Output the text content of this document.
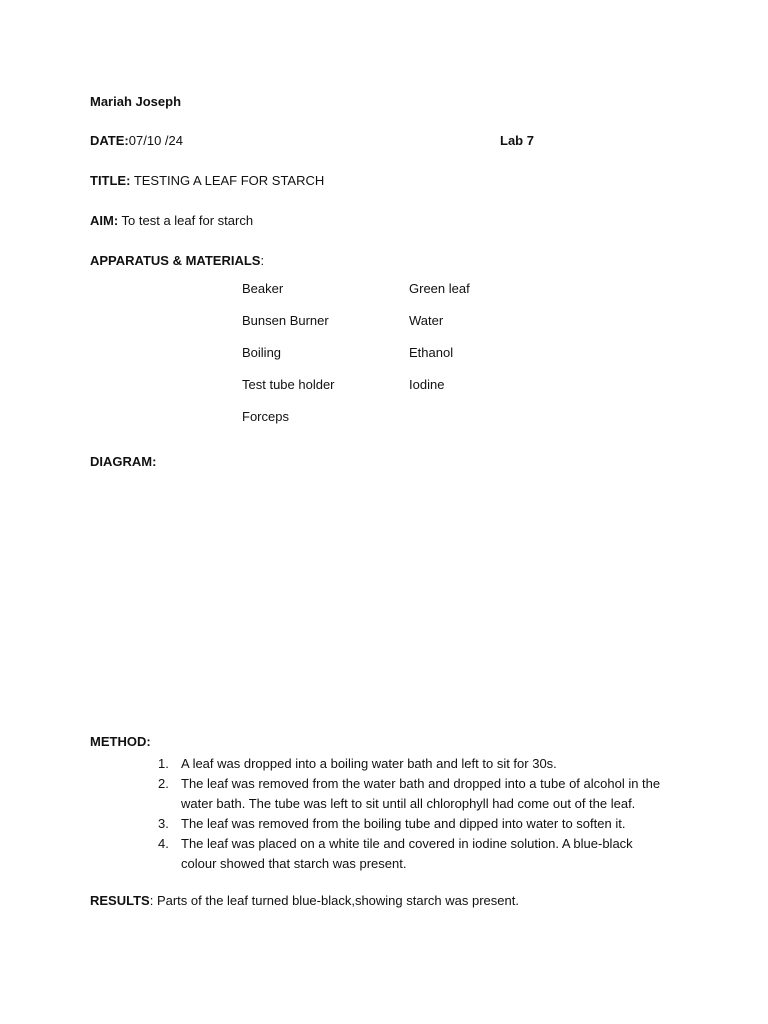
Mariah Joseph
DATE:07/10 /24	Lab 7
TITLE: TESTING A LEAF FOR STARCH
AIM: To test a leaf for starch
APPARATUS & MATERIALS:
Beaker
Bunsen Burner
Boiling
Test tube holder
Forceps
Green leaf
Water
Ethanol
Iodine
DIAGRAM:
METHOD:
1. A leaf was dropped into a boiling water bath and left to sit for 30s.
2. The leaf was removed from the water bath and dropped into a tube of alcohol in the water bath. The tube was left to sit until all chlorophyll had come out of the leaf.
3. The leaf was removed from the boiling tube and dipped into water to soften it.
4. The leaf was placed on a white tile and covered in iodine solution. A blue-black colour showed that starch was present.
RESULTS: Parts of the leaf turned blue-black,showing starch was present.
